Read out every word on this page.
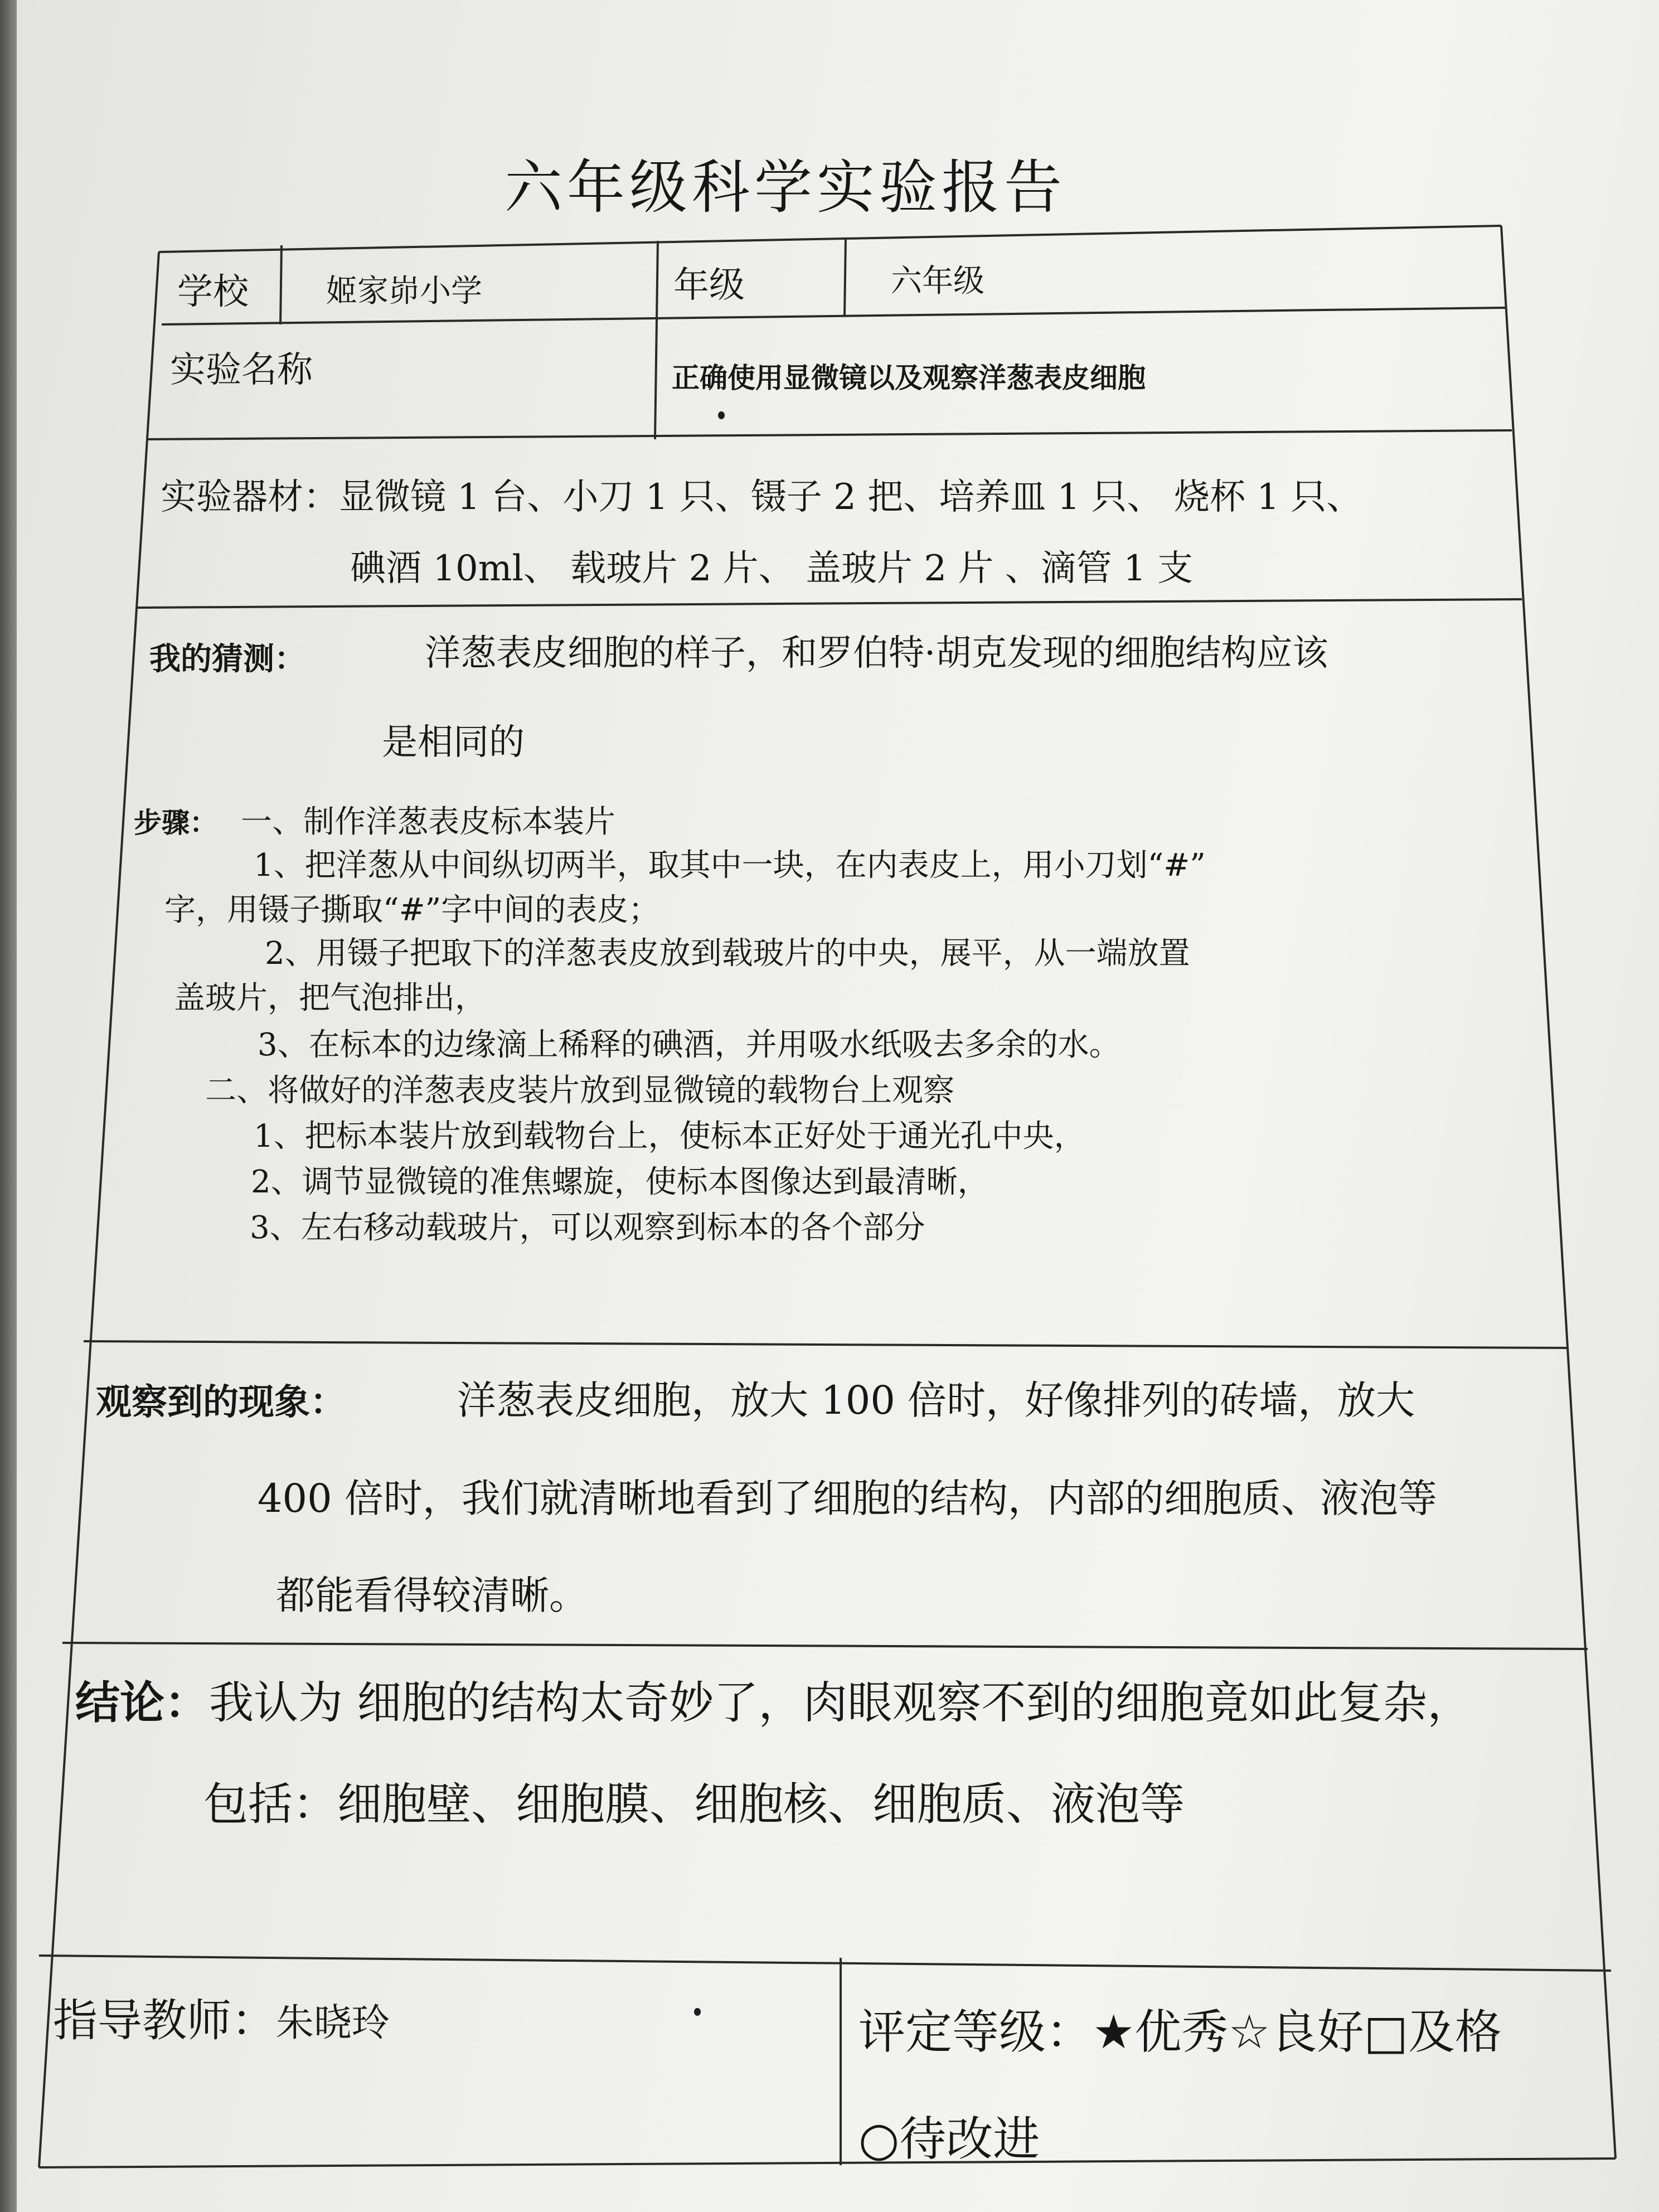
六年级科学实验报告
学校 姬家峁小学	年级	六年级
实验名称	正确使用显微镜以及观察洋葱表皮细胞
实验器材：显微镜 1 台、小刀 1 只、镊子 2 把、培养皿 1 只、 烧杯 1 只、
碘酒 10ml、 载玻片 2 片、 盖玻片 2 片 、滴管 1 支
我的猜测：	洋葱表皮细胞的样子，和罗伯特·胡克发现的细胞结构应该
是相同的
步骤： 一、制作洋葱表皮标本装片
1、把洋葱从中间纵切两半，取其中一块，在内表皮上，用小刀划“#”
字，用镊子撕取“#”字中间的表皮；
2、用镊子把取下的洋葱表皮放到载玻片的中央，展平，从一端放置
盖玻片，把气泡排出，
3、在标本的边缘滴上稀释的碘酒，并用吸水纸吸去多余的水。
二、将做好的洋葱表皮装片放到显微镜的载物台上观察
1、把标本装片放到载物台上，使标本正好处于通光孔中央，
2、调节显微镜的准焦螺旋，使标本图像达到最清晰，
3、左右移动载玻片，可以观察到标本的各个部分
观察到的现象：	洋葱表皮细胞，放大 100 倍时，好像排列的砖墙，放大
400 倍时，我们就清晰地看到了细胞的结构，内部的细胞质、液泡等
都能看得较清晰。
结论：我认为 细胞的结构太奇妙了，肉眼观察不到的细胞竟如此复杂，
包括：细胞壁、细胞膜、细胞核、细胞质、液泡等
指导教师：朱晓玲	评定等级：★优秀☆良好□及格
○待改进
